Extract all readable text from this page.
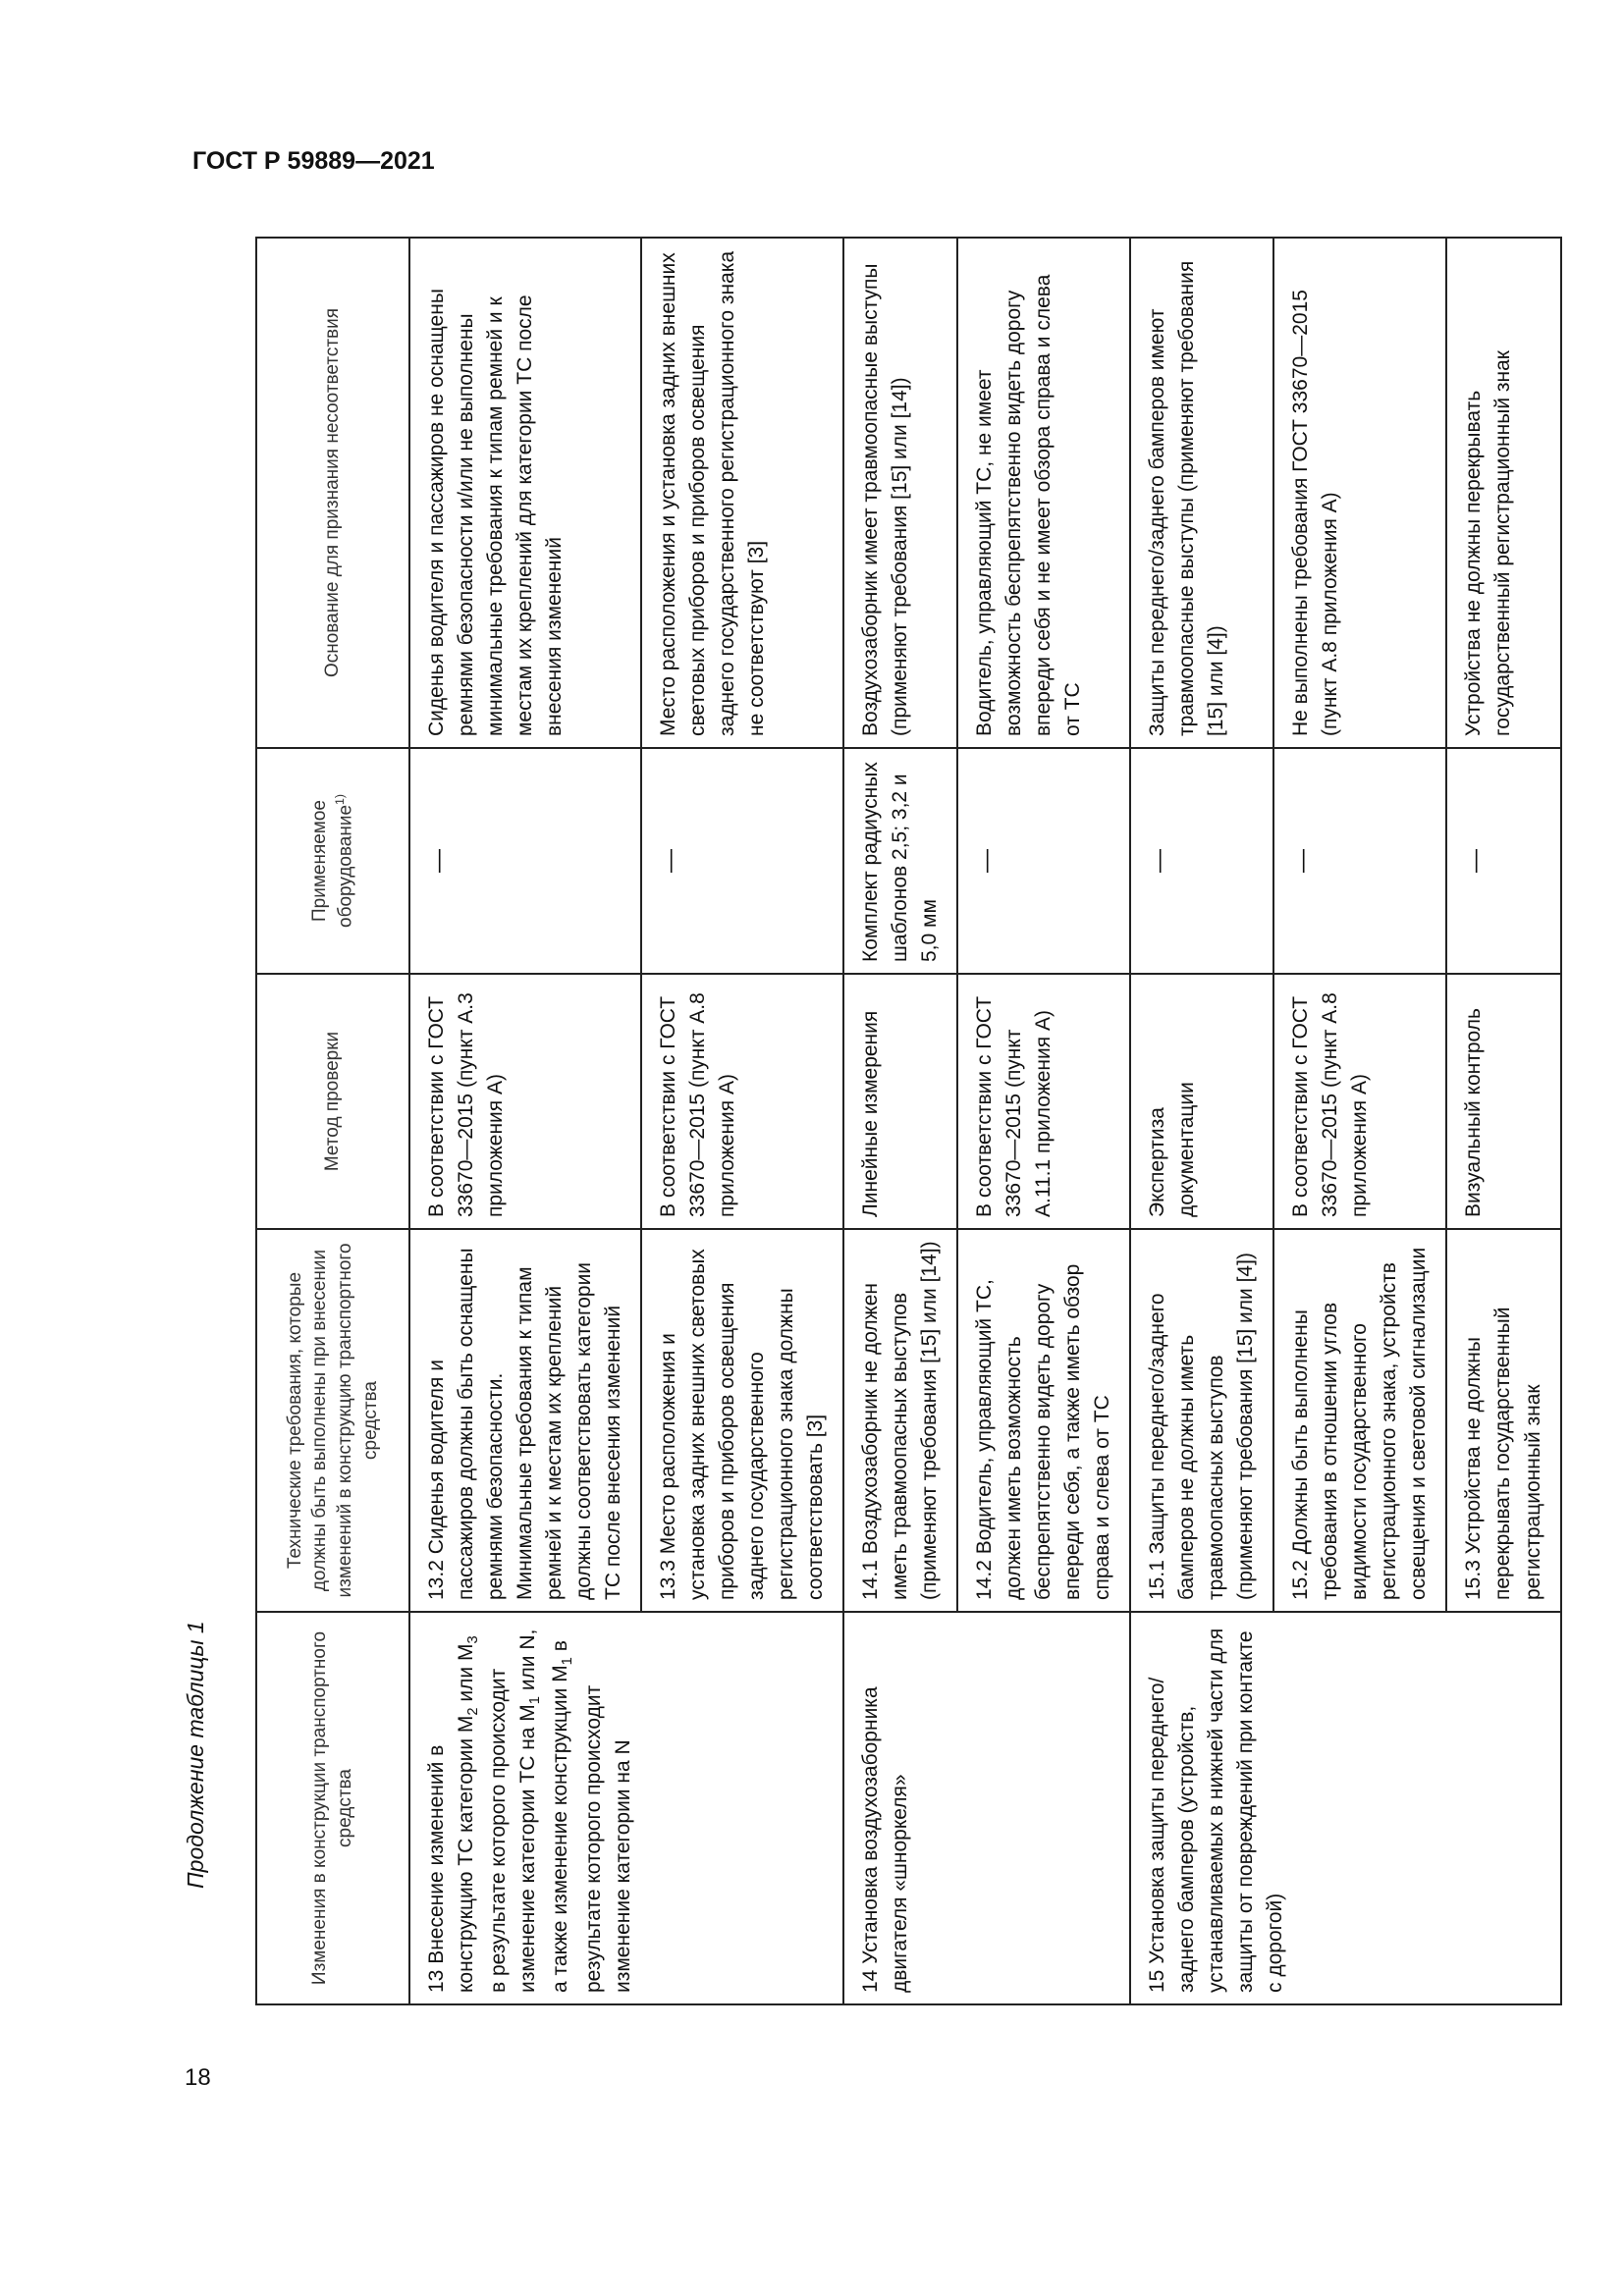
ГОСТ Р 59889—2021
18
Продолжение таблицы 1	Изменения в конструкции транспортного средства	Технические требования, которые должны быть выполнены при внесении изменений в конструкцию транспортного средства	Метод проверки	Применяемое оборудование$^{1)}$	Основание для признания несоответствия
13 Внесение изменений в конструкцию ТС категории $M_2$ или $M_3$ в результате которого происходит изменение категории ТС на $M_1$ или N, а также изменение конструкции $M_1$ в результате которого происходит изменение категории на N	13.2 Сиденья водителя и пассажиров должны быть оснащены ремнями безопасности. Минимальные требования к типам ремней и к местам их креплений должны соответствовать категории ТС после внесения изменений	В соответствии с ГОСТ 33670—2015 (пункт А.3 приложения А)	—	Сиденья водителя и пассажиров не оснащены ремнями безопасности и/или не выполнены минимальные требования к типам ремней и к местам их креплений для категории ТС после внесения изменений
	13.3 Место расположения и установка задних внешних световых приборов и приборов освещения заднего государственного регистрационного знака должны соответствовать [3]	В соответствии с ГОСТ 33670—2015 (пункт А.8 приложения А)	—	Место расположения и установка задних внешних световых приборов и приборов освещения заднего государственного регистрационного знака не соответствуют [3]
14 Установка воздухозаборника двигателя «шноркеля»	14.1 Воздухозаборник не должен иметь травмоопасных выступов (применяют требования [15] или [14])	Линейные измерения	Комплект радиусных шаблонов 2,5; 3,2 и 5,0 мм	Воздухозаборник имеет травмоопасные выступы (применяют требования [15] или [14])
	14.2 Водитель, управляющий ТС, должен иметь возможность беспрепятственно видеть дорогу впереди себя, а также иметь обзор справа и слева от ТС	В соответствии с ГОСТ 33670—2015 (пункт А.11.1 приложения А)	—	Водитель, управляющий ТС, не имеет возможность беспрепятственно видеть дорогу впереди себя и не имеет обзора справа и слева от ТС
15 Установка защиты переднего/заднего бамперов (устройств, устанавливаемых в нижней части для защиты от повреждений при контакте с дорогой)	15.1 Защиты переднего/заднего бамперов не должны иметь травмоопасных выступов (применяют требования [15] или [4])	Экспертиза документации	—	Защиты переднего/заднего бамперов имеют травмоопасные выступы (применяют требования [15] или [4])
	15.2 Должны быть выполнены требования в отношении углов видимости государственного регистрационного знака, устройств освещения и световой сигнализации	В соответствии с ГОСТ 33670—2015 (пункт А.8 приложения А)	—	Не выполнены требования ГОСТ 33670—2015 (пункт А.8 приложения А)
	15.3 Устройства не должны перекрывать государственный регистрационный знак	Визуальный контроль	—	Устройства не должны перекрывать государственный регистрационный знак
